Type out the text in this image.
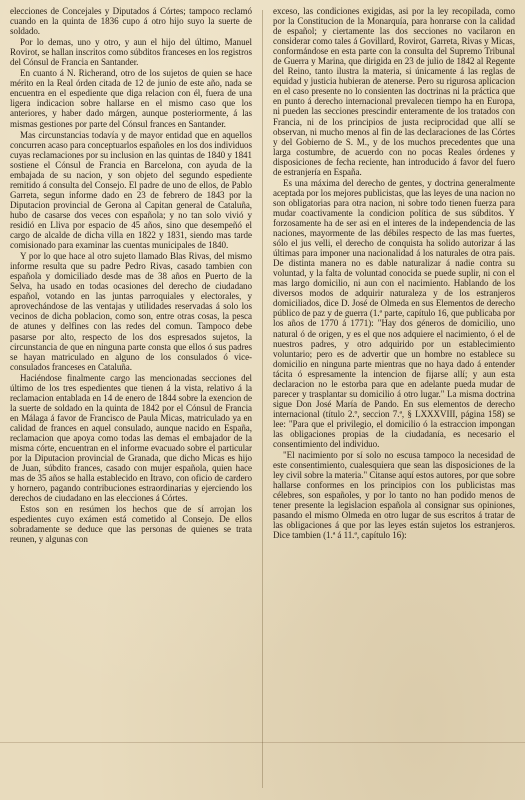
elecciones de Concejales y Diputados á Córtes; tampoco reclamó cuando en la quinta de 1836 cupo á otro hijo suyo la suerte de soldado.

Por lo demas, uno y otro, y aun el hijo del último, Manuel Rovirot, se hallan inscritos como súbditos franceses en los registros del Cónsul de Francia en Santander.

En cuanto á N. Richerand, otro de los sujetos de quien se hace mérito en la Real órden citada de 12 de junio de este año, nada se encuentra en el espediente que diga relacion con él, fuera de una ligera indicacion sobre hallarse en el mismo caso que los anteriores, y haber dado márgen, aunque posteriormente, á las mismas gestiones por parte del Cónsul frances en Santander.

Mas circunstancias todavía y de mayor entidad que en aquellos concurren acaso para conceptuarlos españoles en los dos individuos cuyas reclamaciones por su inclusion en las quintas de 1840 y 1841 sostiene el Cónsul de Francia en Barcelona, con ayuda de la embajada de su nacion, y son objeto del segundo espediente remitido á consulta del Consejo. El padre de uno de ellos, de Pablo Garreta, segun informe dado en 23 de febrero de 1843 por la Diputacion provincial de Gerona al Capitan general de Cataluña, hubo de casarse dos veces con española; y no tan solo vivió y residió en Lliva por espacio de 45 años, sino que desempeñó el cargo de alcalde de dicha villa en 1822 y 1831, siendo mas tarde comisionado para examinar las cuentas municipales de 1840.

Y por lo que hace al otro sujeto llamado Blas Rivas, del mismo informe resulta que su padre Pedro Rivas, casado tambien con española y domiciliado desde mas de 38 años en Puerto de la Selva, ha usado en todas ocasiones del derecho de ciudadano español, votando en las juntas parroquiales y electorales, y aprovechándose de las ventajas y utilidades reservadas á solo los vecinos de dicha poblacion, como son, entre otras cosas, la pesca de atunes y delfines con las redes del comun. Tampoco debe pasarse por alto, respecto de los dos espresados sujetos, la circunstancia de que en ninguna parte consta que ellos ó sus padres se hayan matriculado en alguno de los consulados ó vice-consulados franceses en Cataluña.

Haciéndose finalmente cargo las mencionadas secciones del último de los tres espedientes que tienen á la vista, relativo á la reclamacion entablada en 14 de enero de 1844 sobre la exencion de la suerte de soldado en la quinta de 1842 por el Cónsul de Francia en Málaga á favor de Francisco de Paula Micas, matriculado ya en calidad de frances en aquel consulado, aunque nacido en España, reclamacion que apoya como todas las demas el embajador de la misma córte, encuentran en el informe evacuado sobre el particular por la Diputacion provincial de Granada, que dicho Micas es hijo de Juan, súbdito frances, casado con mujer española, quien hace mas de 35 años se halla establecido en Itravo, con oficio de cardero y hornero, pagando contribuciones estraordinarias y ejerciendo los derechos de ciudadano en las elecciones á Córtes.

Estos son en resúmen los hechos que de sí arrojan los espedientes cuyo exámen está cometido al Consejo. De ellos sobradamente se deduce que las personas de quienes se trata reunen, y algunas con

exceso, las condiciones exigidas, asi por la ley recopilada, como por la Constitucion de la Monarquía, para honrarse con la calidad de español; y ciertamente las dos secciones no vacilaron en considerar como tales á Govillard, Rovirot, Garreta, Rivas y Micas, conformándose en esta parte con la consulta del Supremo Tribunal de Guerra y Marina, que dirigida en 23 de julio de 1842 al Regente del Reino, tanto ilustra la materia, si únicamente á las reglas de equidad y justicia hubieran de atenerse. Pero su rigurosa aplicacion en el caso presente no lo consienten las doctrinas ni la práctica que en punto á derecho internacional prevalecen tiempo ha en Europa, ni pueden las secciones prescindir enteramente de los tratados con Francia, ni de los principios de justa reciprocidad que allí se observan, ni mucho menos al fin de las declaraciones de las Córtes y del Gobierno de S. M., y de los muchos precedentes que una larga costumbre, de acuerdo con no pocas Reales órdenes y disposiciones de fecha reciente, han introducido á favor del fuero de estranjería en España.

Es una máxima del derecho de gentes, y doctrina generalmente aceptada por los mejores publicistas, que las leyes de una nacion no son obligatorias para otra nacion, ni sobre todo tienen fuerza para mudar coactivamente la condicion política de sus súbditos. Y forzosamente ha de ser asi en el interes de la independencia de las naciones, mayormente de las débiles respecto de las mas fuertes, sólo el jus velli, el derecho de conquista ha solido autorizar á las últimas para imponer una nacionalidad á los naturales de otra pais. De distinta manera no es dable naturalizar á nadie contra su voluntad, y la falta de voluntad conocida se puede suplir, ni con el mas largo domicilio, ni aun con el nacimiento. Hablando de los diversos modos de adquirir naturaleza y de los estranjeros domiciliados, dice D. José de Olmeda en sus Elementos de derecho público de paz y de guerra (1.ª parte, capítulo 16, que publicaba por los años de 1770 á 1771): "Hay dos géneros de domicilio, uno natural ó de origen, y es el que nos adquiere el nacimiento, ó el de nuestros padres, y otro adquirido por un establecimiento voluntario; pero es de advertir que un hombre no establece su domicilio en ninguna parte mientras que no haya dado á entender tácita ó espresamente la intencion de fijarse allí; y aun esta declaracion no le estorba para que en adelante pueda mudar de parecer y trasplantar su domicilio á otro lugar." La misma doctrina sigue Don José María de Pando. En sus elementos de derecho internacional (título 2.º, seccion 7.ª, § LXXXVIII, página 158) se lee: "Para que el privilegio, el domicilio ó la estraccion impongan las obligaciones propias de la ciudadanía, es necesario el consentimiento del individuo.

"El nacimiento por sí solo no escusa tampoco la necesidad de este consentimiento, cualesquiera que sean las disposiciones de la ley civil sobre la materia." Citanse aquí estos autores, por que sobre hallarse conformes en los principios con los publicistas mas célebres, son españoles, y por lo tanto no han podido menos de tener presente la legislacion española al consignar sus opiniones, pasando el mismo Olmeda en otro lugar de sus escritos á tratar de las obligaciones á que por las leyes están sujetos los estranjeros. Dice tambien (1.ª á 11.ª, capítulo 16):
